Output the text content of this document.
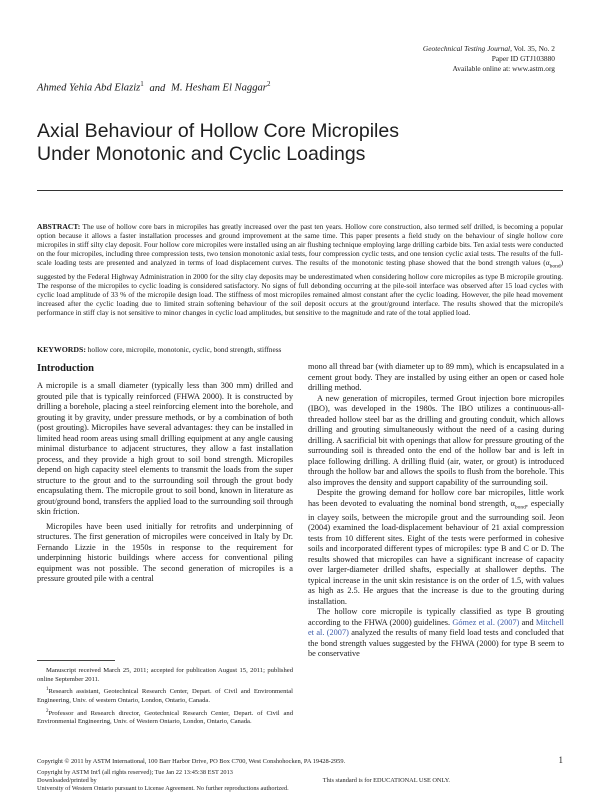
Geotechnical Testing Journal, Vol. 35, No. 2
Paper ID GTJ103880
Available online at: www.astm.org
Ahmed Yehia Abd Elaziz$^1$ and M. Hesham El Naggar$^2$
Axial Behaviour of Hollow Core Micropiles Under Monotonic and Cyclic Loadings
ABSTRACT: The use of hollow core bars in micropiles has greatly increased over the past ten years. Hollow core construction, also termed self drilled, is becoming a popular option because it allows a faster installation processes and ground improvement at the same time. This paper presents a field study on the behaviour of single hollow core micropiles in stiff silty clay deposit. Four hollow core micropiles were installed using an air flushing technique employing large drilling carbide bits. Ten axial tests were conducted on the four micropiles, including three compression tests, two tension monotonic axial tests, four compression cyclic tests, and one tension cyclic axial tests. The results of the full-scale loading tests are presented and analyzed in terms of load displacement curves. The results of the monotonic testing phase showed that the bond strength values $(\alpha_{bond})$ suggested by the Federal Highway Administration in 2000 for the silty clay deposits may be underestimated when considering hollow core micropiles as type B micropile grouting. The response of the micropiles to cyclic loading is considered satisfactory. No signs of full debonding occurring at the pile-soil interface was observed after 15 load cycles with cyclic load amplitude of 33 % of the micropile design load. The stiffness of most micropiles remained almost constant after the cyclic loading. However, the pile head movement increased after the cyclic loading due to limited strain softening behaviour of the soil deposit occurs at the grout/ground interface. The results showed that the micropile's performance in stiff clay is not sensitive to minor changes in cyclic load amplitudes, but sensitive to the magnitude and rate of the total applied load.
KEYWORDS: hollow core, micropile, monotonic, cyclic, bond strength, stiffness
Introduction

A micropile is a small diameter (typically less than 300 mm) drilled and grouted pile that is typically reinforced (FHWA 2000). It is constructed by drilling a borehole, placing a steel reinforcing element into the borehole, and grouting it by gravity, under pressure methods, or by a combination of both (post grouting). Micropiles have several advantages: they can be installed in limited head room areas using small drilling equipment at any angle causing minimal disturbance to adjacent structures, they allow a fast installation process, and they provide a high grout to soil bond strength. Micropiles depend on high capacity steel elements to transmit the loads from the super structure to the grout and to the surrounding soil through the grout body encapsulating them. The micropile grout to soil bond, known in literature as grout/ground bond, transfers the applied load to the surrounding soil through skin friction.

Micropiles have been used initially for retrofits and underpinning of structures. The first generation of micropiles were conceived in Italy by Dr. Fernando Lizzie in the 1950s in response to the requirement for underpinning historic buildings where access for conventional piling equipment was not possible. The second generation of micropiles is a pressure grouted pile with a central

mono all thread bar (with diameter up to 89 mm), which is encapsulated in a cement grout body. They are installed by using either an open or cased hole drilling method.

A new generation of micropiles, termed Grout injection bore micropiles (IBO), was developed in the 1980s. The IBO utilizes a continuous-all-threaded hollow steel bar as the drilling and grouting conduit, which allows drilling and grouting simultaneously without the need of a casing during drilling. A sacrificial bit with openings that allow for pressure grouting of the surrounding soil is threaded onto the end of the hollow bar and is left in place following drilling. A drilling fluid (air, water, or grout) is introduced through the hollow bar and allows the spoils to flush from the borehole. This also improves the density and support capability of the surrounding soil.

Despite the growing demand for hollow core bar micropiles, little work has been devoted to evaluating the nominal bond strength, $\alpha_{bond}$, especially in clayey soils, between the micropile grout and the surrounding soil. Jeon (2004) examined the load-displacement behaviour of 21 axial compression tests from 10 different sites. Eight of the tests were performed in cohesive soils and incorporated different types of micropiles: type B and C or D. The results showed that micropiles can have a significant increase of capacity over larger-diameter drilled shafts, especially at shallower depths. The typical increase in the unit skin resistance is on the order of 1.5, with values as high as 2.5. He argues that the increase is due to the grouting during installation.

The hollow core micropile is typically classified as type B grouting according to the FHWA (2000) guidelines. Gómez et al. (2007) and Mitchell et al. (2007) analyzed the results of many field load tests and concluded that the bond strength values suggested by the FHWA (2000) for type B seem to be conservative

Manuscript received March 25, 2011; accepted for publication August 15, 2011; published online September 2011.

$^1$Research assistant, Geotechnical Research Center, Depart. of Civil and Environmental Engineering, Univ. of western Ontario, London, Ontario, Canada.

$^2$Professor and Research director, Geotechnical Research Center, Depart. of Civil and Environmental Engineering, Univ. of Western Ontario, London, Ontario, Canada.

Copyright © 2011 by ASTM International, 100 Barr Harbor Drive, PO Box C700, West Conshohocken, PA 19428-2959.	1
Copyright by ASTM Int'l (all rights reserved); Tue Jan 22 13:45:38 EST 2013
Downloaded/printed by	This standard is for EDUCATIONAL USE ONLY.
University of Western Ontario pursuant to License Agreement. No further reproductions authorized.
